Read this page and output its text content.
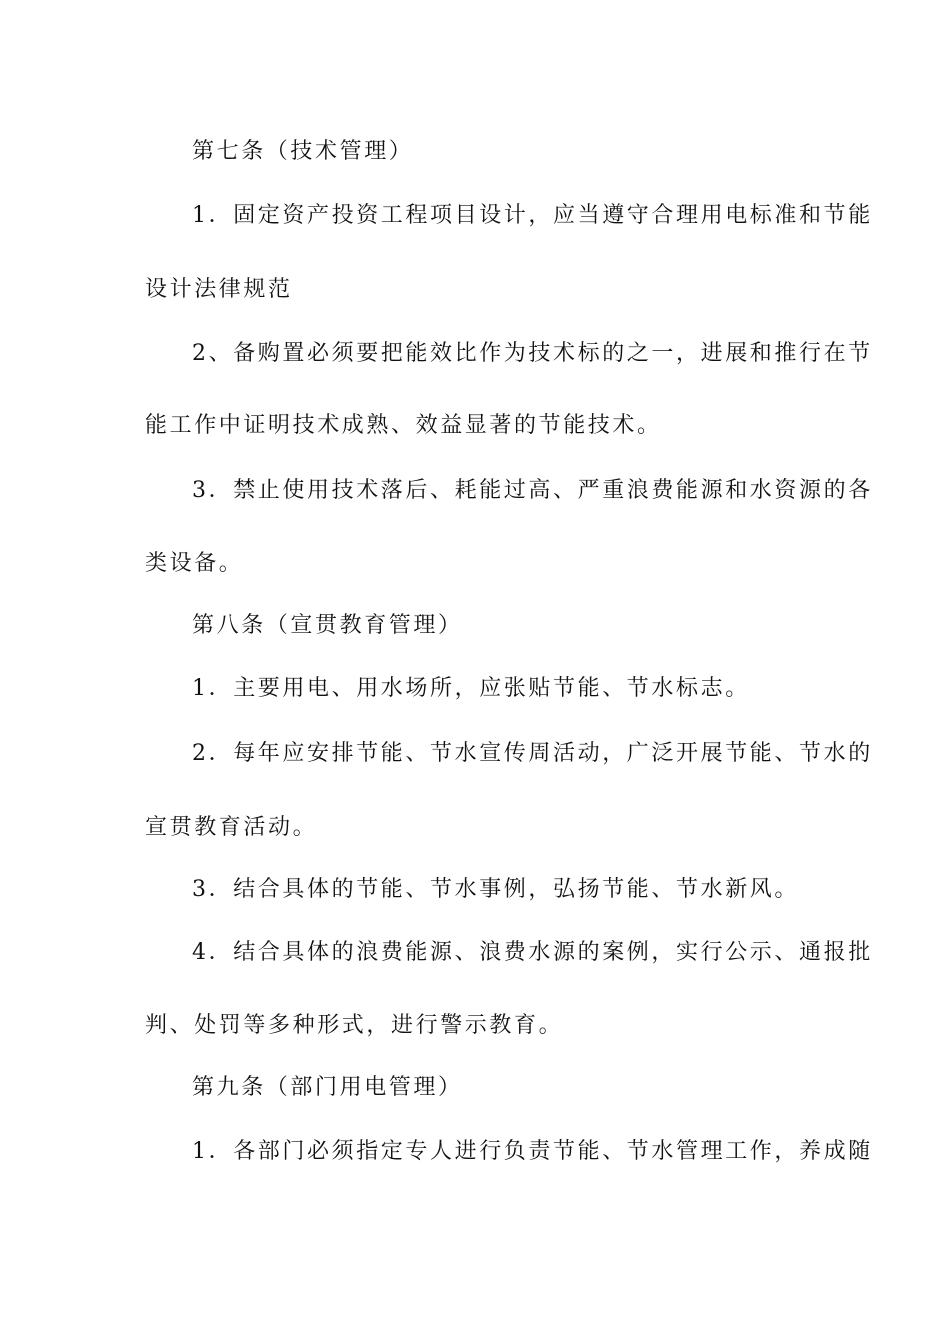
第七条（技术管理）
1．固定资产投资工程项目设计，应当遵守合理用电标准和节能
设计法律规范
2、备购置必须要把能效比作为技术标的之一，进展和推行在节
能工作中证明技术成熟、效益显著的节能技术。
3．禁止使用技术落后、耗能过高、严重浪费能源和水资源的各
类设备。
第八条（宣贯教育管理）
1．主要用电、用水场所，应张贴节能、节水标志。
2．每年应安排节能、节水宣传周活动，广泛开展节能、节水的
宣贯教育活动。
3．结合具体的节能、节水事例，弘扬节能、节水新风。
4．结合具体的浪费能源、浪费水源的案例，实行公示、通报批
判、处罚等多种形式，进行警示教育。
第九条（部门用电管理）
1．各部门必须指定专人进行负责节能、节水管理工作，养成随
